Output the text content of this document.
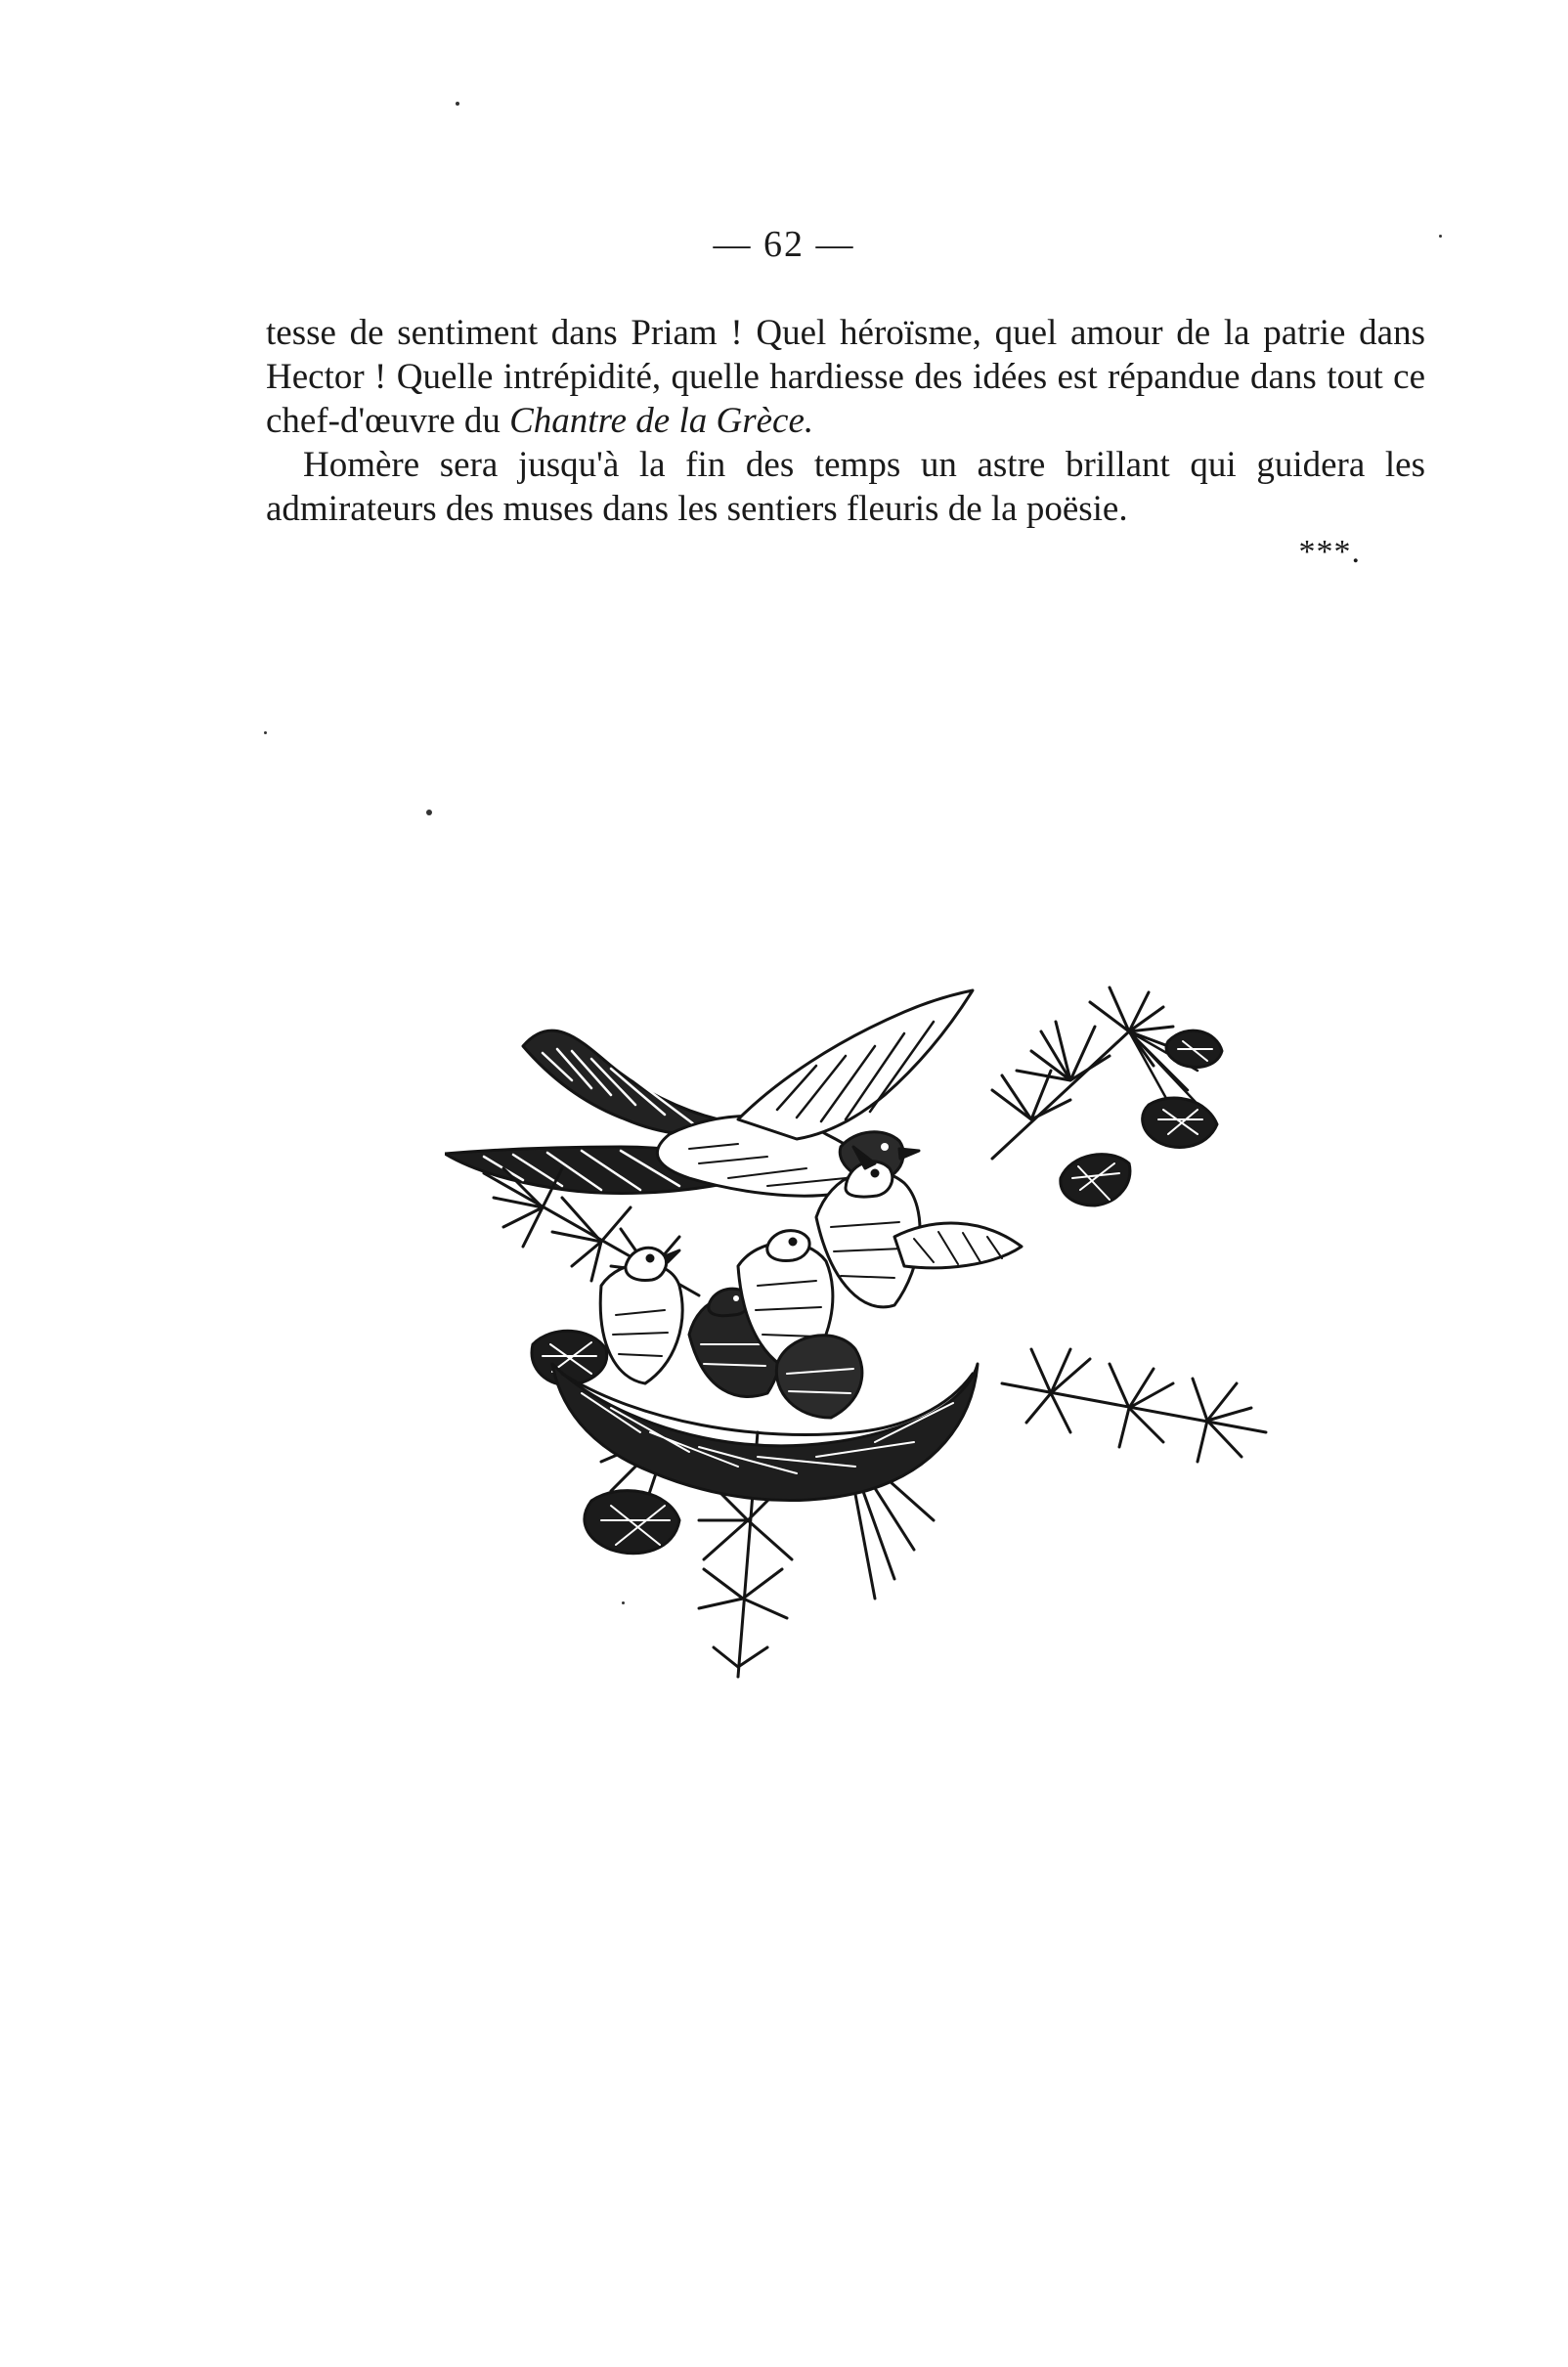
— 62 —

tesse de sentiment dans Priam ! Quel héroïsme, quel amour de la patrie dans Hector ! Quelle intrépidité, quelle hardiesse des idées est répandue dans tout ce chef-d'œuvre du Chantre de la Grèce.

Homère sera jusqu'à la fin des temps un astre brillant qui guidera les admirateurs des muses dans les sentiers fleuris de la poësie.

***.
